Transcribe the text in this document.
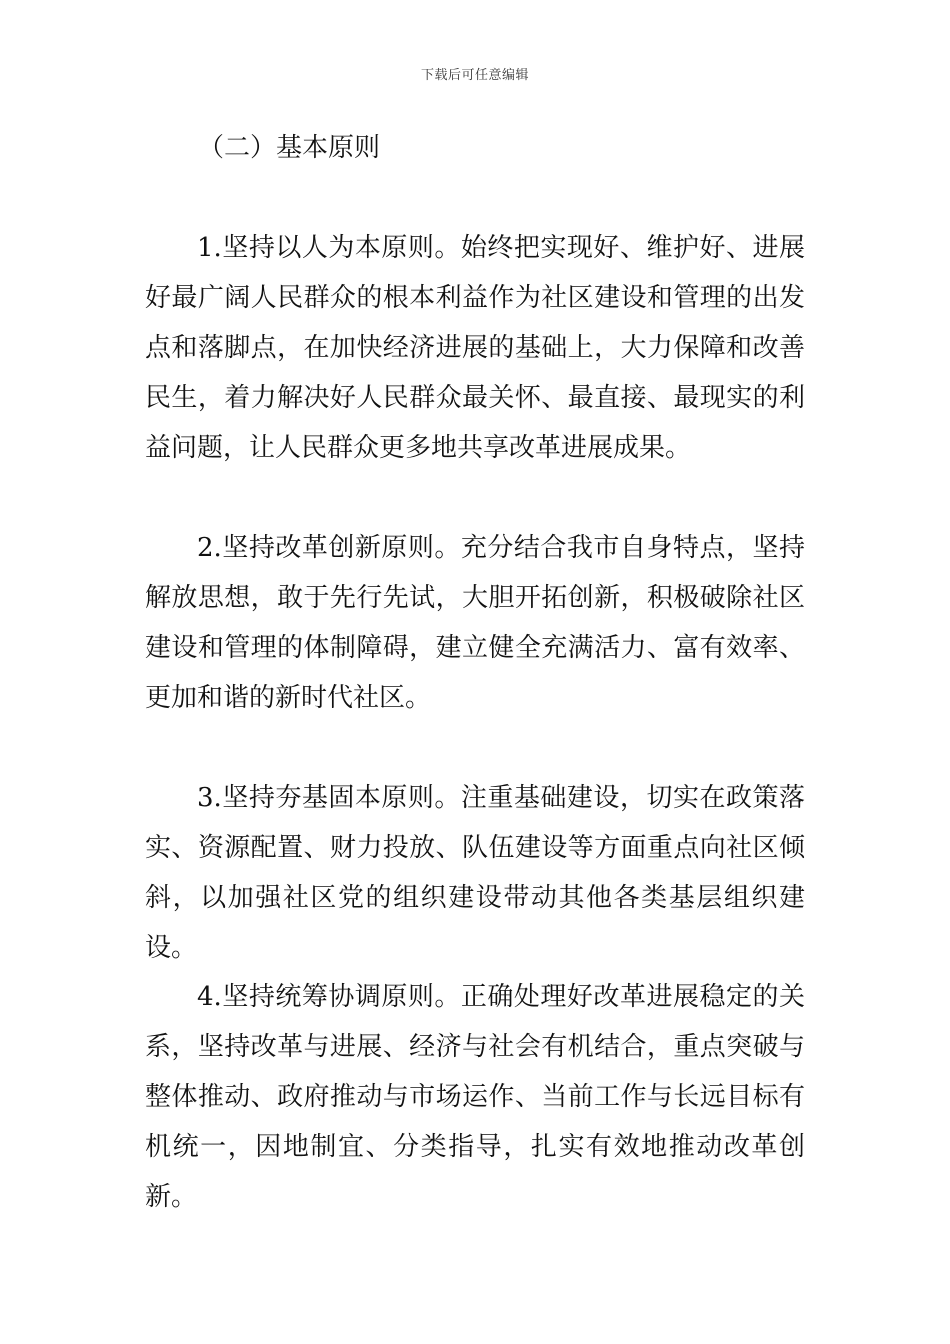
下载后可任意编辑
（二）基本原则

1.坚持以人为本原则。始终把实现好、维护好、进展好最广阔人民群众的根本利益作为社区建设和管理的出发点和落脚点，在加快经济进展的基础上，大力保障和改善民生，着力解决好人民群众最关怀、最直接、最现实的利益问题，让人民群众更多地共享改革进展成果。

2.坚持改革创新原则。充分结合我市自身特点，坚持解放思想，敢于先行先试，大胆开拓创新，积极破除社区建设和管理的体制障碍，建立健全充满活力、富有效率、更加和谐的新时代社区。

3.坚持夯基固本原则。注重基础建设，切实在政策落实、资源配置、财力投放、队伍建设等方面重点向社区倾斜，以加强社区党的组织建设带动其他各类基层组织建设。

4.坚持统筹协调原则。正确处理好改革进展稳定的关系，坚持改革与进展、经济与社会有机结合，重点突破与整体推动、政府推动与市场运作、当前工作与长远目标有机统一，因地制宜、分类指导，扎实有效地推动改革创新。
